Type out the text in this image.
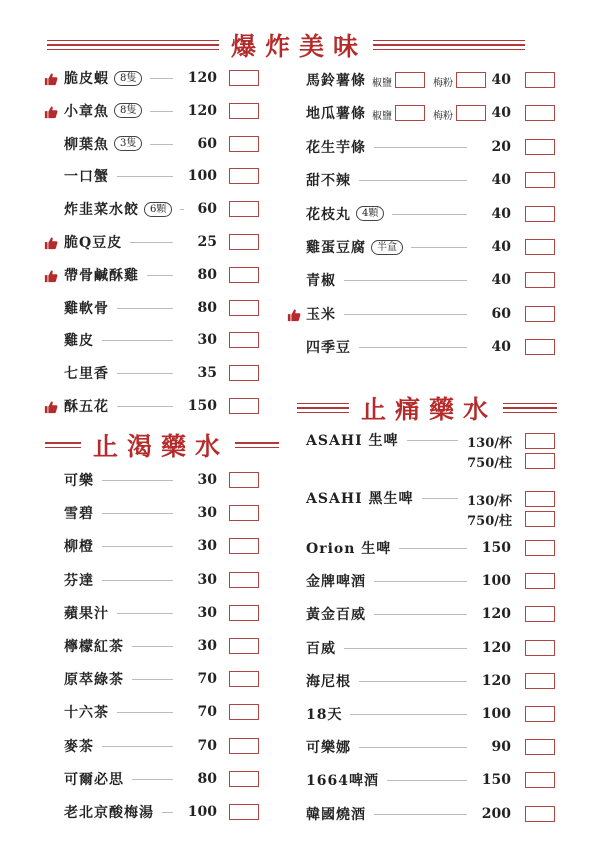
爆炸美味
止渴藥水
止痛藥水
脆皮蝦	8隻	120
小章魚	8隻	120
柳葉魚	3隻	60
一口蟹	100
炸韭菜水餃	6顆	60
脆Q豆皮	25
帶骨鹹酥雞	80
雞軟骨	80
雞皮	30
七里香	35
酥五花	150
馬鈴薯條 椒鹽	梅粉	40
地瓜薯條 椒鹽	梅粉	40
花生芋條	20
甜不辣	40
花枝丸	4顆	40
雞蛋豆腐	半盒	40
青椒	40
玉米	60
四季豆	40
可樂	30
雪碧	30
柳橙	30
芬達	30
蘋果汁	30
檸檬紅茶	30
原萃綠茶	70
十六茶	70
麥茶	70
可爾必思	80
老北京酸梅湯	100
ASAHI 生啤	130/杯
750/柱
ASAHI 黑生啤	130/杯
750/柱
Orion 生啤	150
金牌啤酒	100
黃金百威	120
百威	120
海尼根	120
18天	100
可樂娜	90
1664啤酒	150
韓國燒酒	200
